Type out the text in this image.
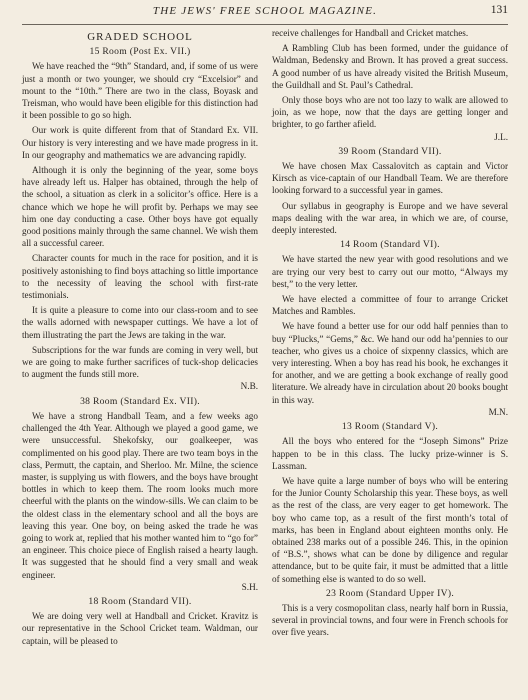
THE JEWS' FREE SCHOOL MAGAZINE.	131
GRADED SCHOOL
15 Room (Post Ex. VII.)

We have reached the “9th” Standard, and, if some of us were just a month or two younger, we should cry “Excelsior” and mount to the “10th.” There are two in the class, Boyask and Treisman, who would have been eligible for this distinction had it been possible to go so high.

Our work is quite different from that of Standard Ex. VII. Our history is very interesting and we have made progress in it. In our geography and mathematics we are advancing rapidly.

Although it is only the beginning of the year, some boys have already left us. Halper has obtained, through the help of the school, a situation as clerk in a solicitor’s office. Here is a chance which we hope he will profit by. Perhaps we may see him one day conducting a case. Other boys have got equally good positions mainly through the same channel. We wish them all a successful career.

Character counts for much in the race for position, and it is positively astonishing to find boys attaching so little importance to the necessity of leaving the school with first-rate testimonials.

It is quite a pleasure to come into our class-room and to see the walls adorned with newspaper cuttings. We have a lot of them illustrating the part the Jews are taking in the war.

Subscriptions for the war funds are coming in very well, but we are going to make further sacrifices of tuck-shop delicacies to augment the funds still more.
N.B.

38 Room (Standard Ex. VII).

We have a strong Handball Team, and a few weeks ago challenged the 4th Year. Although we played a good game, we were unsuccessful. Shekofsky, our goalkeeper, was complimented on his good play. There are two team boys in the class, Permutt, the captain, and Sherloo. Mr. Milne, the science master, is supplying us with flowers, and the boys have brought bottles in which to keep them. The room looks much more cheerful with the plants on the window-sills. We can claim to be the oldest class in the elementary school and all the boys are leaving this year. One boy, on being asked the trade he was going to work at, replied that his mother wanted him to “go for” an engineer. This choice piece of English raised a hearty laugh. It was suggested that he should find a very small and weak engineer.
S.H.

18 Room (Standard VII).

We are doing very well at Handball and Cricket. Kravitz is our representative in the School Cricket team. Waldman, our captain, will be pleased to

receive challenges for Handball and Cricket matches.

A Rambling Club has been formed, under the guidance of Waldman, Bedensky and Brown. It has proved a great success. A good number of us have already visited the British Museum, the Guildhall and St. Paul’s Cathedral.

Only those boys who are not too lazy to walk are allowed to join, as we hope, now that the days are getting longer and brighter, to go farther afield.
J.L.

39 Room (Standard VII).

We have chosen Max Cassalovitch as captain and Victor Kirsch as vice-captain of our Handball Team. We are therefore looking forward to a successful year in games.

Our syllabus in geography is Europe and we have several maps dealing with the war area, in which we are, of course, deeply interested.

14 Room (Standard VI).

We have started the new year with good resolutions and we are trying our very best to carry out our motto, “Always my best,” to the very letter.

We have elected a committee of four to arrange Cricket Matches and Rambles.

We have found a better use for our odd half pennies than to buy “Plucks,” “Gems,” &c. We hand our odd ha’pennies to our teacher, who gives us a choice of sixpenny classics, which are very interesting. When a boy has read his book, he exchanges it for another, and we are getting a book exchange of really good literature. We already have in circulation about 20 books bought in this way.
M.N.

13 Room (Standard V).

All the boys who entered for the “Joseph Simons” Prize happen to be in this class. The lucky prize-winner is S. Lassman.

We have quite a large number of boys who will be entering for the Junior County Scholarship this year. These boys, as well as the rest of the class, are very eager to get homework. The boy who came top, as a result of the first month’s total of marks, has been in England about eighteen months only. He obtained 238 marks out of a possible 246. This, in the opinion of “B.S.”, shows what can be done by diligence and regular attendance, but to be quite fair, it must be admitted that a little of something else is wanted to do so well.

23 Room (Standard Upper IV).

This is a very cosmopolitan class, nearly half born in Russia, several in provincial towns, and four were in French schools for over five years.
